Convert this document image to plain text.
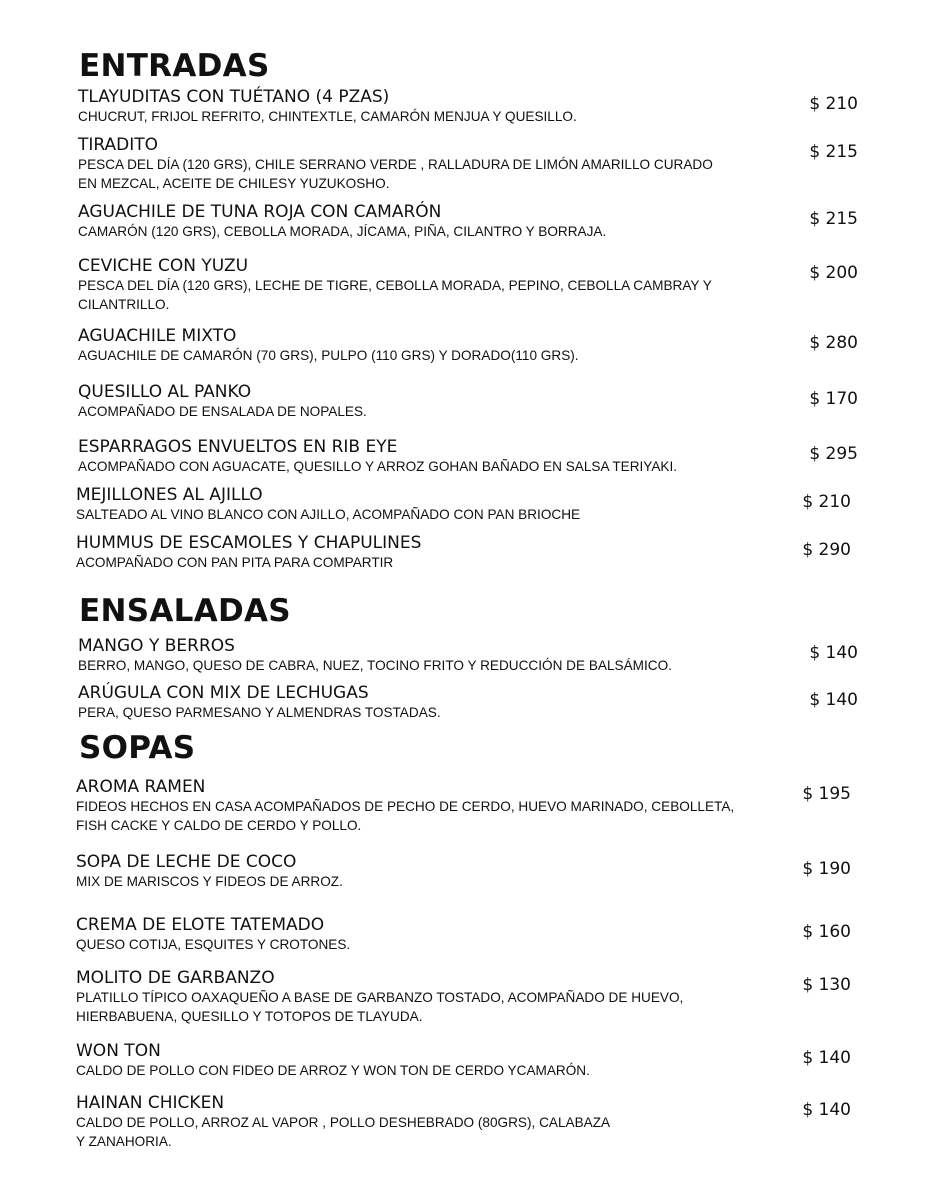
ENTRADAS
TLAYUDITAS CON TUÉTANO (4 PZAS)
CHUCRUT, FRIJOL REFRITO, CHINTEXTLE, CAMARÓN MENJUA Y QUESILLO.
$ 210
TIRADITO
PESCA DEL DÍA (120 GRS), CHILE SERRANO VERDE , RALLADURA DE LIMÓN AMARILLO CURADO EN MEZCAL, ACEITE DE CHILESY YUZUKOSHO.
$ 215
AGUACHILE DE TUNA ROJA CON CAMARÓN
CAMARÓN (120 GRS), CEBOLLA MORADA, JÍCAMA, PIÑA, CILANTRO Y BORRAJA.
$ 215
CEVICHE CON YUZU
PESCA DEL DÍA (120 GRS), LECHE DE TIGRE, CEBOLLA MORADA, PEPINO, CEBOLLA CAMBRAY Y CILANTRILLO.
$ 200
AGUACHILE MIXTO
AGUACHILE DE CAMARÓN (70 GRS), PULPO (110 GRS) Y DORADO(110 GRS).
$ 280
QUESILLO AL PANKO
ACOMPAÑADO DE ENSALADA DE NOPALES.
$ 170
ESPARRAGOS ENVUELTOS EN RIB EYE
ACOMPAÑADO CON AGUACATE, QUESILLO Y ARROZ GOHAN BAÑADO EN SALSA TERIYAKI.
$ 295
MEJILLONES AL AJILLO
SALTEADO AL VINO BLANCO CON AJILLO, ACOMPAÑADO CON PAN BRIOCHE
$ 210
HUMMUS DE ESCAMOLES Y CHAPULINES
ACOMPAÑADO CON PAN PITA PARA COMPARTIR
$ 290
ENSALADAS
MANGO Y BERROS
BERRO, MANGO, QUESO DE CABRA, NUEZ, TOCINO FRITO Y REDUCCIÓN DE BALSÁMICO.
$ 140
ARÚGULA CON MIX DE LECHUGAS
PERA, QUESO PARMESANO Y ALMENDRAS TOSTADAS.
$ 140
SOPAS
AROMA RAMEN
FIDEOS HECHOS EN CASA ACOMPAÑADOS DE PECHO DE CERDO, HUEVO MARINADO, CEBOLLETA, FISH CACKE Y CALDO DE CERDO Y POLLO.
$ 195
SOPA DE LECHE DE COCO
MIX DE MARISCOS Y FIDEOS DE ARROZ.
$ 190
CREMA DE ELOTE TATEMADO
QUESO COTIJA, ESQUITES Y CROTONES.
$ 160
MOLITO DE GARBANZO
PLATILLO TÍPICO OAXAQUEÑO A BASE DE GARBANZO TOSTADO, ACOMPAÑADO DE HUEVO, HIERBABUENA, QUESILLO Y TOTOPOS DE TLAYUDA.
$ 130
WON TON
CALDO DE POLLO CON FIDEO DE ARROZ Y WON TON DE CERDO YCAMARÓN.
$ 140
HAINAN CHICKEN
CALDO DE POLLO, ARROZ AL VAPOR , POLLO DESHEBRADO (80GRS), CALABAZA Y ZANAHORIA.
$ 140
